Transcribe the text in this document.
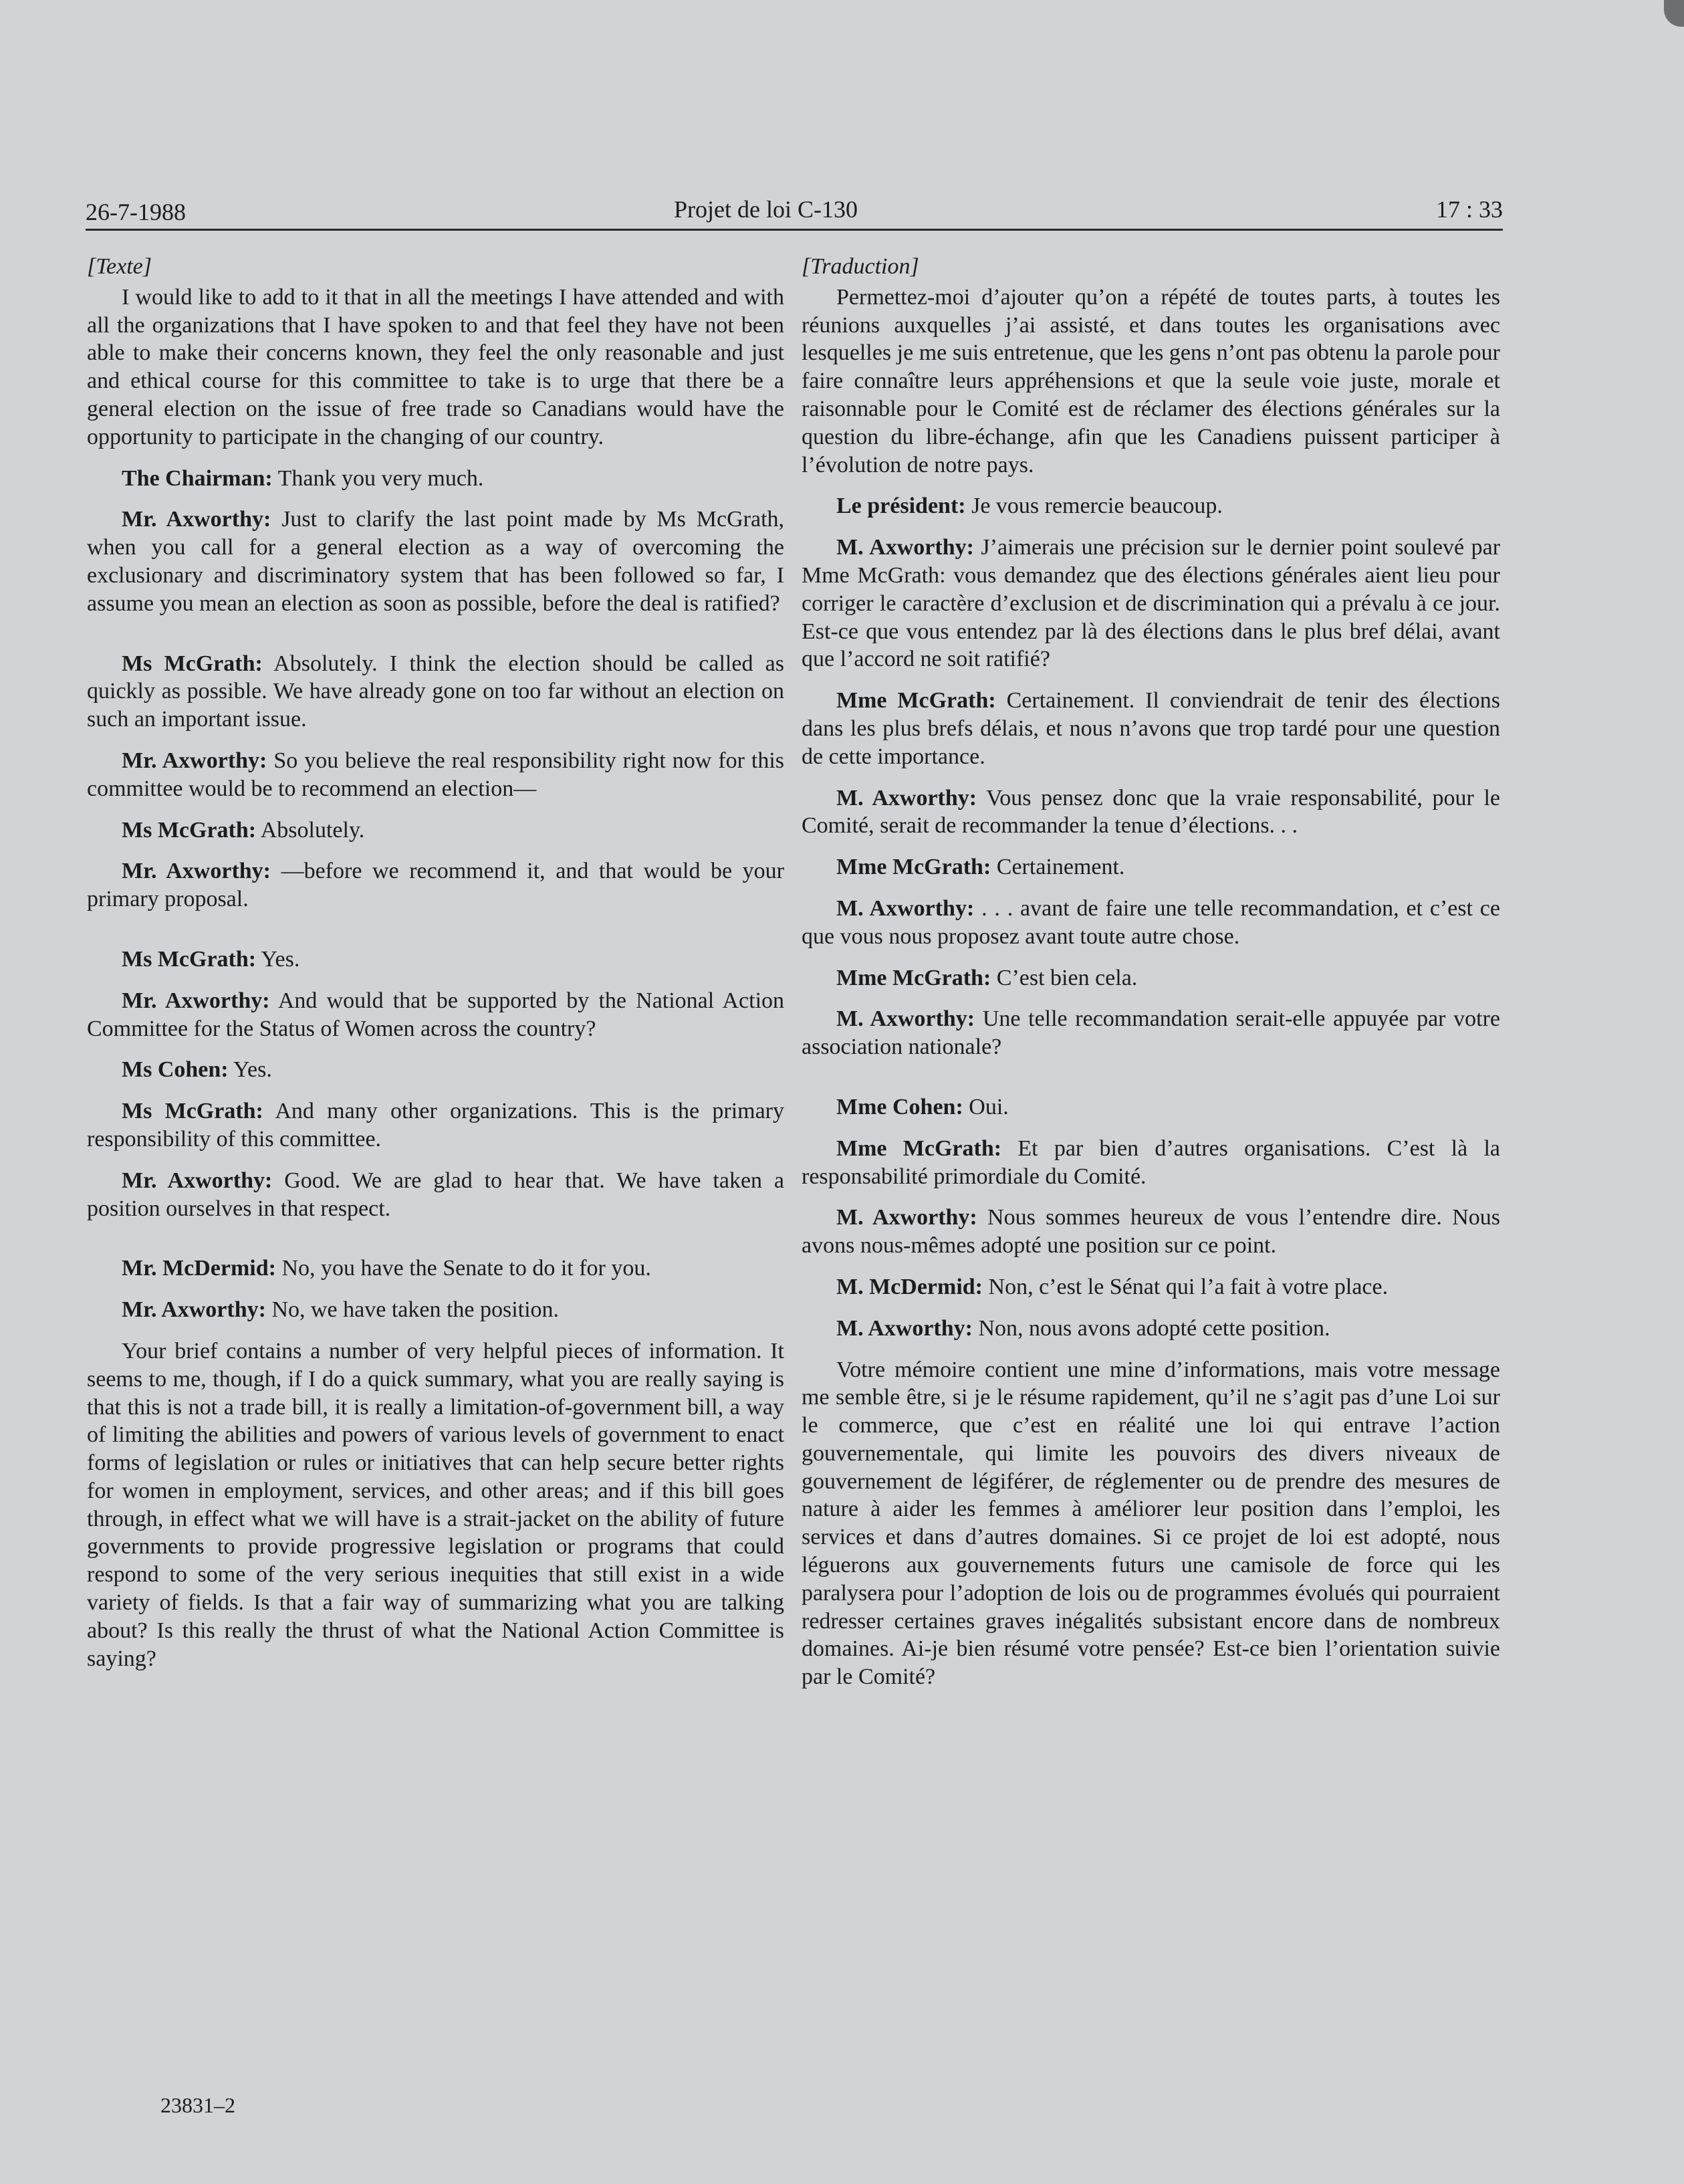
26-7-1988	Projet de loi C-130	17 : 33
[Texte]

I would like to add to it that in all the meetings I have attended and with all the organizations that I have spoken to and that feel they have not been able to make their concerns known, they feel the only reasonable and just and ethical course for this committee to take is to urge that there be a general election on the issue of free trade so Canadians would have the opportunity to participate in the changing of our country.

The Chairman: Thank you very much.

Mr. Axworthy: Just to clarify the last point made by Ms McGrath, when you call for a general election as a way of overcoming the exclusionary and discriminatory system that has been followed so far, I assume you mean an election as soon as possible, before the deal is ratified?

Ms McGrath: Absolutely. I think the election should be called as quickly as possible. We have already gone on too far without an election on such an important issue.

Mr. Axworthy: So you believe the real responsibility right now for this committee would be to recommend an election—

Ms McGrath: Absolutely.

Mr. Axworthy: —before we recommend it, and that would be your primary proposal.

Ms McGrath: Yes.

Mr. Axworthy: And would that be supported by the National Action Committee for the Status of Women across the country?

Ms Cohen: Yes.

Ms McGrath: And many other organizations. This is the primary responsibility of this committee.

Mr. Axworthy: Good. We are glad to hear that. We have taken a position ourselves in that respect.

Mr. McDermid: No, you have the Senate to do it for you.

Mr. Axworthy: No, we have taken the position.

Your brief contains a number of very helpful pieces of information. It seems to me, though, if I do a quick summary, what you are really saying is that this is not a trade bill, it is really a limitation-of-government bill, a way of limiting the abilities and powers of various levels of government to enact forms of legislation or rules or initiatives that can help secure better rights for women in employment, services, and other areas; and if this bill goes through, in effect what we will have is a strait-jacket on the ability of future governments to provide progressive legislation or programs that could respond to some of the very serious inequities that still exist in a wide variety of fields. Is that a fair way of summarizing what you are talking about? Is this really the thrust of what the National Action Committee is saying?

[Traduction]

Permettez-moi d’ajouter qu’on a répété de toutes parts, à toutes les réunions auxquelles j’ai assisté, et dans toutes les organisations avec lesquelles je me suis entretenue, que les gens n’ont pas obtenu la parole pour faire connaître leurs appréhensions et que la seule voie juste, morale et raisonnable pour le Comité est de réclamer des élections générales sur la question du libre-échange, afin que les Canadiens puissent participer à l’évolution de notre pays.

Le président: Je vous remercie beaucoup.

M. Axworthy: J’aimerais une précision sur le dernier point soulevé par Mme McGrath: vous demandez que des élections générales aient lieu pour corriger le caractère d’exclusion et de discrimination qui a prévalu à ce jour. Est-ce que vous entendez par là des élections dans le plus bref délai, avant que l’accord ne soit ratifié?

Mme McGrath: Certainement. Il conviendrait de tenir des élections dans les plus brefs délais, et nous n’avons que trop tardé pour une question de cette importance.

M. Axworthy: Vous pensez donc que la vraie responsabilité, pour le Comité, serait de recommander la tenue d’élections. . .

Mme McGrath: Certainement.

M. Axworthy: . . . avant de faire une telle recommandation, et c’est ce que vous nous proposez avant toute autre chose.

Mme McGrath: C’est bien cela.

M. Axworthy: Une telle recommandation serait-elle appuyée par votre association nationale?

Mme Cohen: Oui.

Mme McGrath: Et par bien d’autres organisations. C’est là la responsabilité primordiale du Comité.

M. Axworthy: Nous sommes heureux de vous l’entendre dire. Nous avons nous-mêmes adopté une position sur ce point.

M. McDermid: Non, c’est le Sénat qui l’a fait à votre place.

M. Axworthy: Non, nous avons adopté cette position.

Votre mémoire contient une mine d’informations, mais votre message me semble être, si je le résume rapidement, qu’il ne s’agit pas d’une Loi sur le commerce, que c’est en réalité une loi qui entrave l’action gouvernementale, qui limite les pouvoirs des divers niveaux de gouvernement de légiférer, de réglementer ou de prendre des mesures de nature à aider les femmes à améliorer leur position dans l’emploi, les services et dans d’autres domaines. Si ce projet de loi est adopté, nous léguerons aux gouvernements futurs une camisole de force qui les paralysera pour l’adoption de lois ou de programmes évolués qui pourraient redresser certaines graves inégalités subsistant encore dans de nombreux domaines. Ai-je bien résumé votre pensée? Est-ce bien l’orientation suivie par le Comité?

23831–2
